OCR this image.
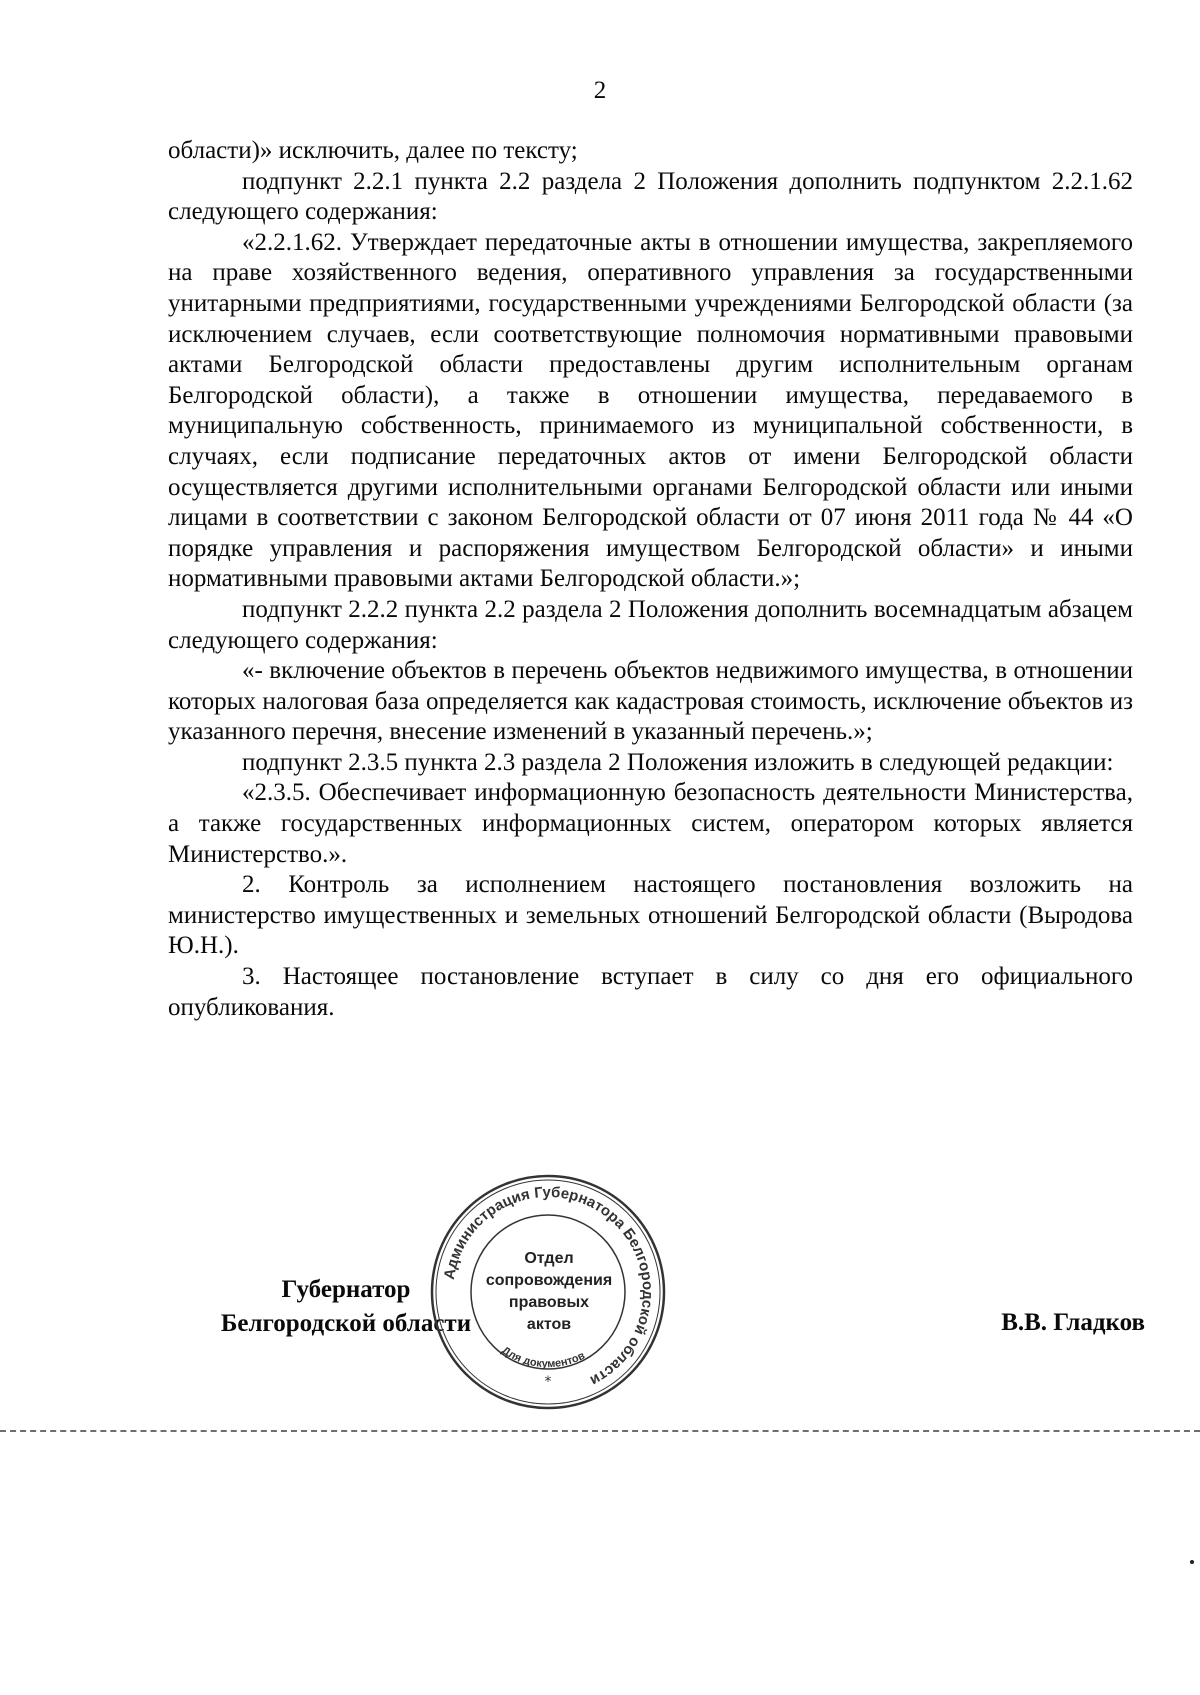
2

области)» исключить, далее по тексту;

подпункт 2.2.1 пункта 2.2 раздела 2 Положения дополнить подпунктом 2.2.1.62 следующего содержания:

«2.2.1.62. Утверждает передаточные акты в отношении имущества, закрепляемого на праве хозяйственного ведения, оперативного управления за государственными унитарными предприятиями, государственными учреждениями Белгородской области (за исключением случаев, если соответствующие полномочия нормативными правовыми актами Белгородской области предоставлены другим исполнительным органам Белгородской области), а также в отношении имущества, передаваемого в муниципальную собственность, принимаемого из муниципальной собственности, в случаях, если подписание передаточных актов от имени Белгородской области осуществляется другими исполнительными органами Белгородской области или иными лицами в соответствии с законом Белгородской области от 07 июня 2011 года № 44 «О порядке управления и распоряжения имуществом Белгородской области» и иными нормативными правовыми актами Белгородской области.»;

подпункт 2.2.2 пункта 2.2 раздела 2 Положения дополнить восемнадцатым абзацем следующего содержания:

«- включение объектов в перечень объектов недвижимого имущества, в отношении которых налоговая база определяется как кадастровая стоимость, исключение объектов из указанного перечня, внесение изменений в указанный перечень.»;

подпункт 2.3.5 пункта 2.3 раздела 2 Положения изложить в следующей редакции:

«2.3.5. Обеспечивает информационную безопасность деятельности Министерства, а также государственных информационных систем, оператором которых является Министерство.».

2. Контроль за исполнением настоящего постановления возложить на министерство имущественных и земельных отношений Белгородской области (Выродова Ю.Н.).

3. Настоящее постановление вступает в силу со дня его официального опубликования.

Губернатор
Белгородской области
Администрация Губернатора Белгородской области
Для документов
*
Отдел
сопровождения
правовых
актов	В.В. Гладков
